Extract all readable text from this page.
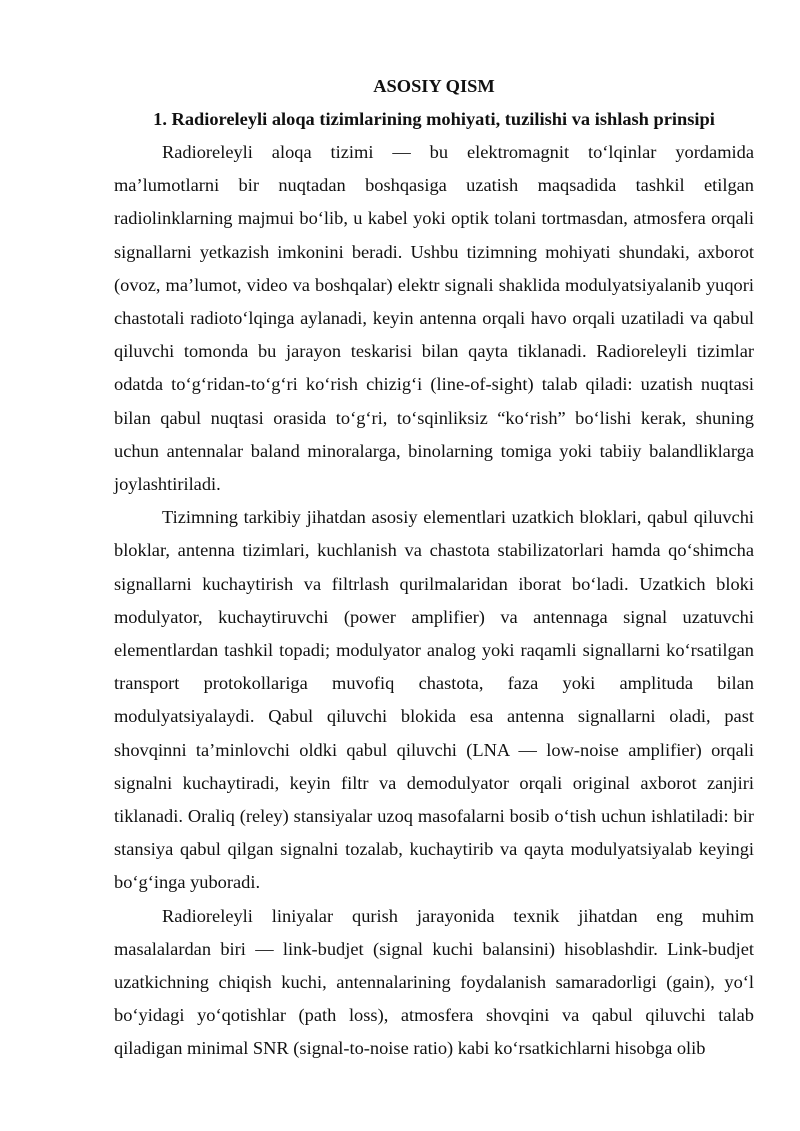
ASOSIY QISM

1. Radioreleyli aloqa tizimlarining mohiyati, tuzilishi va ishlash prinsipi

Radioreleyli aloqa tizimi — bu elektromagnit to‘lqinlar yordamida ma’lumotlarni bir nuqtadan boshqasiga uzatish maqsadida tashkil etilgan radiolinklarning majmui bo‘lib, u kabel yoki optik tolani tortmasdan, atmosfera orqali signallarni yetkazish imkonini beradi. Ushbu tizimning mohiyati shundaki, axborot (ovoz, ma’lumot, video va boshqalar) elektr signali shaklida modulyatsiyalanib yuqori chastotali radioto‘lqinga aylanadi, keyin antenna orqali havo orqali uzatiladi va qabul qiluvchi tomonda bu jarayon teskarisi bilan qayta tiklanadi. Radioreleyli tizimlar odatda to‘g‘ridan-to‘g‘ri ko‘rish chizig‘i (line-of-sight) talab qiladi: uzatish nuqtasi bilan qabul nuqtasi orasida to‘g‘ri, to‘sqinliksiz “ko‘rish” bo‘lishi kerak, shuning uchun antennalar baland minoralarga, binolarning tomiga yoki tabiiy balandliklarga joylashtiriladi.

Tizimning tarkibiy jihatdan asosiy elementlari uzatkich bloklari, qabul qiluvchi bloklar, antenna tizimlari, kuchlanish va chastota stabilizatorlari hamda qo‘shimcha signallarni kuchaytirish va filtrlash qurilmalaridan iborat bo‘ladi. Uzatkich bloki modulyator, kuchaytiruvchi (power amplifier) va antennaga signal uzatuvchi elementlardan tashkil topadi; modulyator analog yoki raqamli signallarni ko‘rsatilgan transport protokollariga muvofiq chastota, faza yoki amplituda bilan modulyatsiyalaydi. Qabul qiluvchi blokida esa antenna signallarni oladi, past shovqinni ta’minlovchi oldki qabul qiluvchi (LNA — low-noise amplifier) orqali signalni kuchaytiradi, keyin filtr va demodulyator orqali original axborot zanjiri tiklanadi. Oraliq (reley) stansiyalar uzoq masofalarni bosib o‘tish uchun ishlatiladi: bir stansiya qabul qilgan signalni tozalab, kuchaytirib va qayta modulyatsiyalab keyingi bo‘g‘inga yuboradi.

Radioreleyli liniyalar qurish jarayonida texnik jihatdan eng muhim masalalardan biri — link-budjet (signal kuchi balansini) hisoblashdir. Link-budjet uzatkichning chiqish kuchi, antennalarining foydalanish samaradorligi (gain), yo‘l bo‘yidagi yo‘qotishlar (path loss), atmosfera shovqini va qabul qiluvchi talab qiladigan minimal SNR (signal-to-noise ratio) kabi ko‘rsatkichlarni hisobga olib
